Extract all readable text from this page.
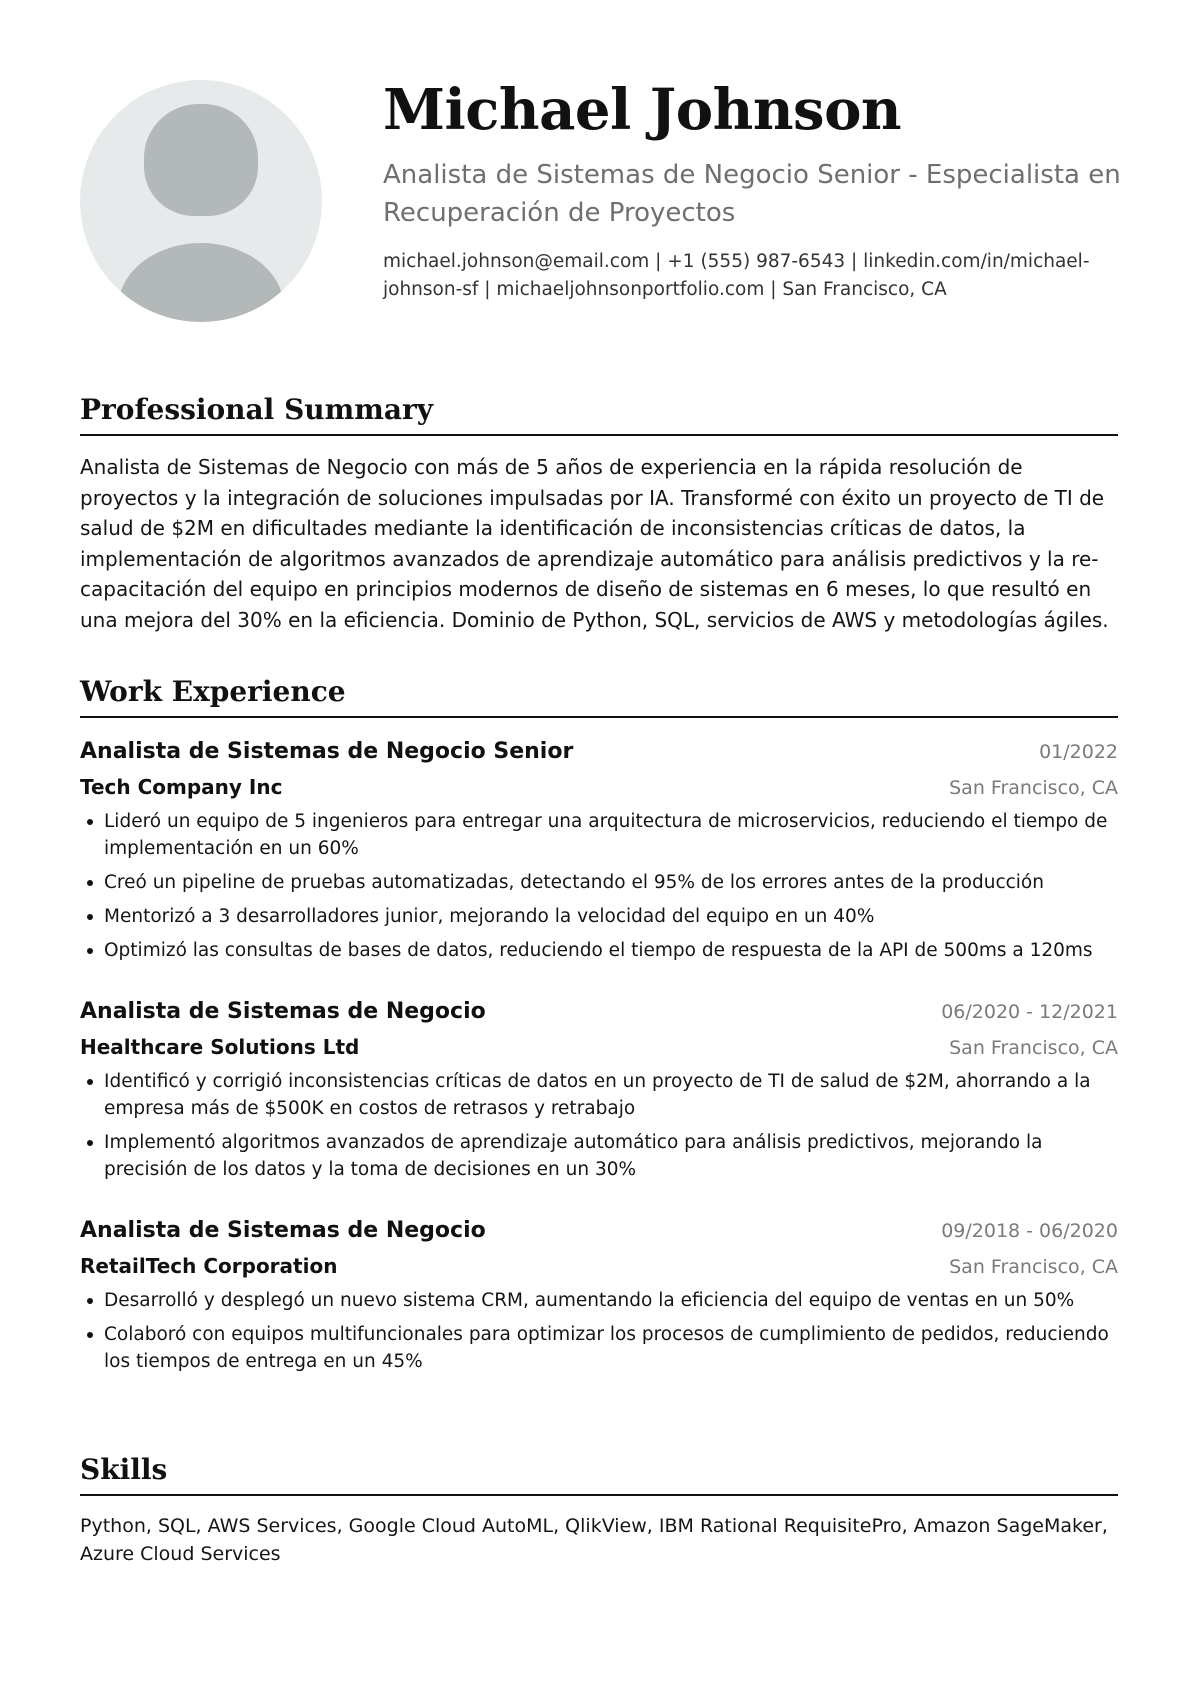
Michael Johnson
Analista de Sistemas de Negocio Senior - Especialista en Recuperación de Proyectos
michael.johnson@email.com | +1 (555) 987-6543 | linkedin.com/in/michael-johnson-sf | michaeljohnsonportfolio.com | San Francisco, CA
Professional Summary
Analista de Sistemas de Negocio con más de 5 años de experiencia en la rápida resolución de proyectos y la integración de soluciones impulsadas por IA. Transformé con éxito un proyecto de TI de salud de $2M en dificultades mediante la identificación de inconsistencias críticas de datos, la implementación de algoritmos avanzados de aprendizaje automático para análisis predictivos y la re-capacitación del equipo en principios modernos de diseño de sistemas en 6 meses, lo que resultó en una mejora del 30% en la eficiencia. Dominio de Python, SQL, servicios de AWS y metodologías ágiles.
Work Experience
Analista de Sistemas de Negocio Senior	01/2022
Tech Company Inc	San Francisco, CA
Lideró un equipo de 5 ingenieros para entregar una arquitectura de microservicios, reduciendo el tiempo de implementación en un 60%
Creó un pipeline de pruebas automatizadas, detectando el 95% de los errores antes de la producción
Mentorizó a 3 desarrolladores junior, mejorando la velocidad del equipo en un 40%
Optimizó las consultas de bases de datos, reduciendo el tiempo de respuesta de la API de 500ms a 120ms
Analista de Sistemas de Negocio	06/2020 - 12/2021
Healthcare Solutions Ltd	San Francisco, CA
Identificó y corrigió inconsistencias críticas de datos en un proyecto de TI de salud de $2M, ahorrando a la empresa más de $500K en costos de retrasos y retrabajo
Implementó algoritmos avanzados de aprendizaje automático para análisis predictivos, mejorando la precisión de los datos y la toma de decisiones en un 30%
Analista de Sistemas de Negocio	09/2018 - 06/2020
RetailTech Corporation	San Francisco, CA
Desarrolló y desplegó un nuevo sistema CRM, aumentando la eficiencia del equipo de ventas en un 50%
Colaboró con equipos multifuncionales para optimizar los procesos de cumplimiento de pedidos, reduciendo los tiempos de entrega en un 45%
Skills
Python, SQL, AWS Services, Google Cloud AutoML, QlikView, IBM Rational RequisitePro, Amazon SageMaker, Azure Cloud Services
